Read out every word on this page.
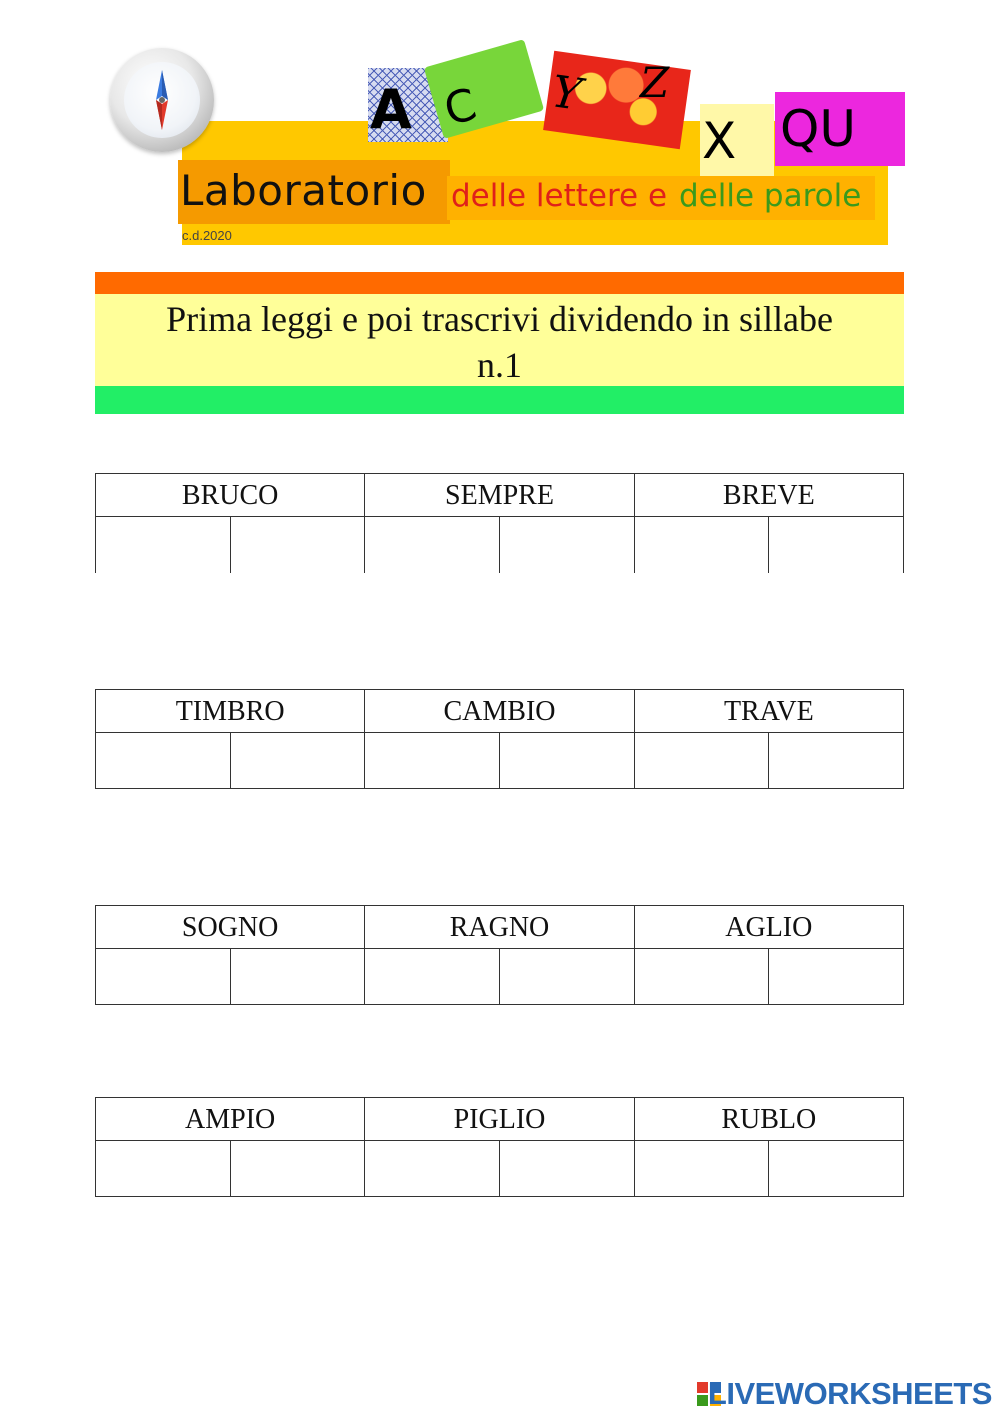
A C Y Z
X QU
Laboratorio delle lettere e delle parole
c.d.2020
Prima leggi e poi trascrivi dividendo in sillabe
n.1
BRUCO	SEMPRE	BREVE
TIMBRO	CAMBIO	TRAVE
SOGNO	RAGNO	AGLIO
AMPIO	PIGLIO	RUBLO
LIVEWORKSHEETS
